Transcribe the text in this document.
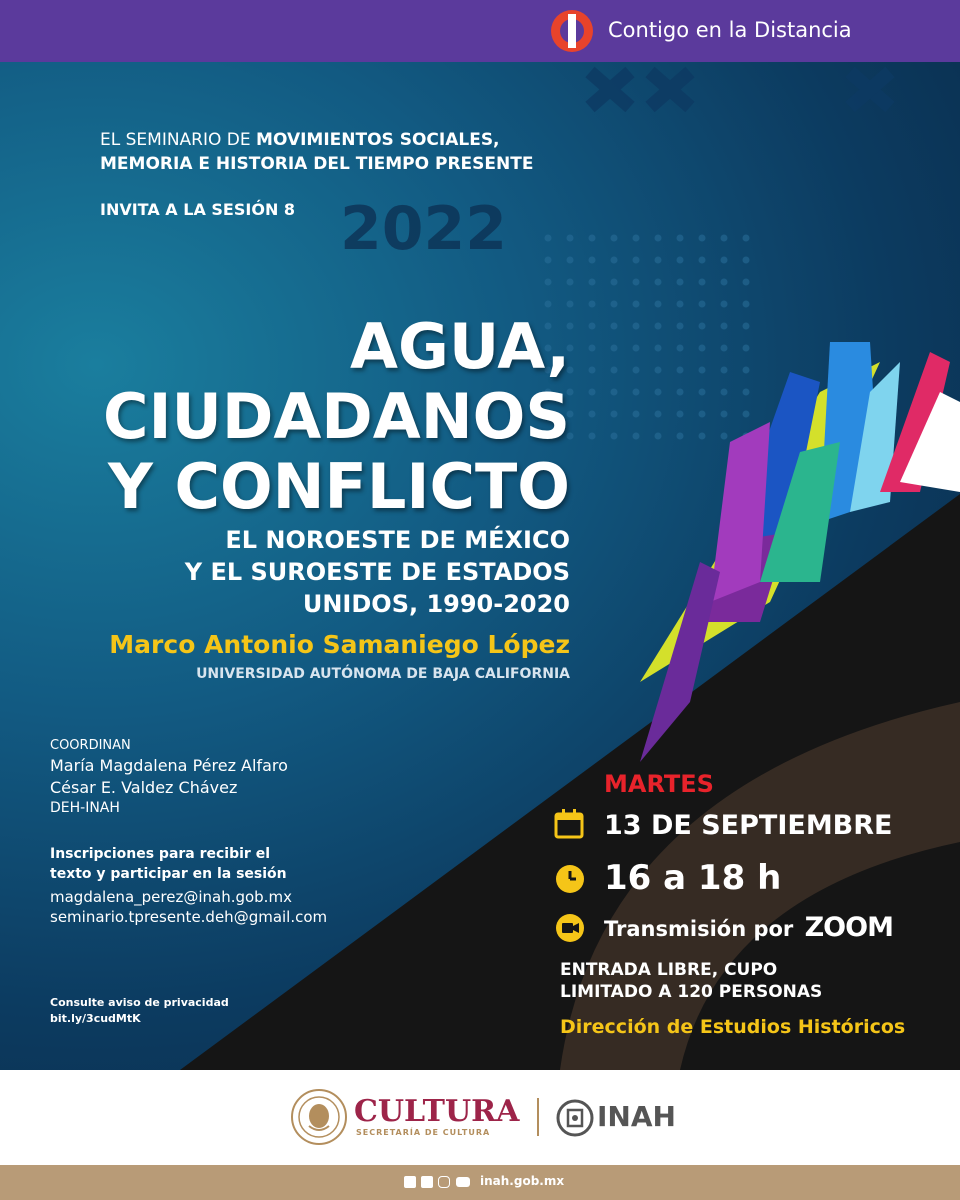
Contigo en la Distancia
EL SEMINARIO DE MOVIMIENTOS SOCIALES,
MEMORIA E HISTORIA DEL TIEMPO PRESENTE
INVITA A LA SESIÓN 8 2022
AGUA,
CIUDADANOS
Y CONFLICTO
EL NOROESTE DE MÉXICO
Y EL SUROESTE DE ESTADOS
UNIDOS, 1990-2020
Marco Antonio Samaniego López
UNIVERSIDAD AUTÓNOMA DE BAJA CALIFORNIA
COORDINAN
María Magdalena Pérez Alfaro
César E. Valdez Chávez
DEH-INAH
Inscripciones para recibir el
texto y participar en la sesión
magdalena_perez@inah.gob.mx
seminario.tpresente.deh@gmail.com
Consulte aviso de privacidad
bit.ly/3cudMtK
MARTES
13 DE SEPTIEMBRE
16 a 18 h
Transmisión por ZOOM
ENTRADA LIBRE, CUPO
LIMITADO A 120 PERSONAS
Dirección de Estudios Históricos
CULTURA
SECRETARÍA DE CULTURA	INAH
inah.gob.mx
